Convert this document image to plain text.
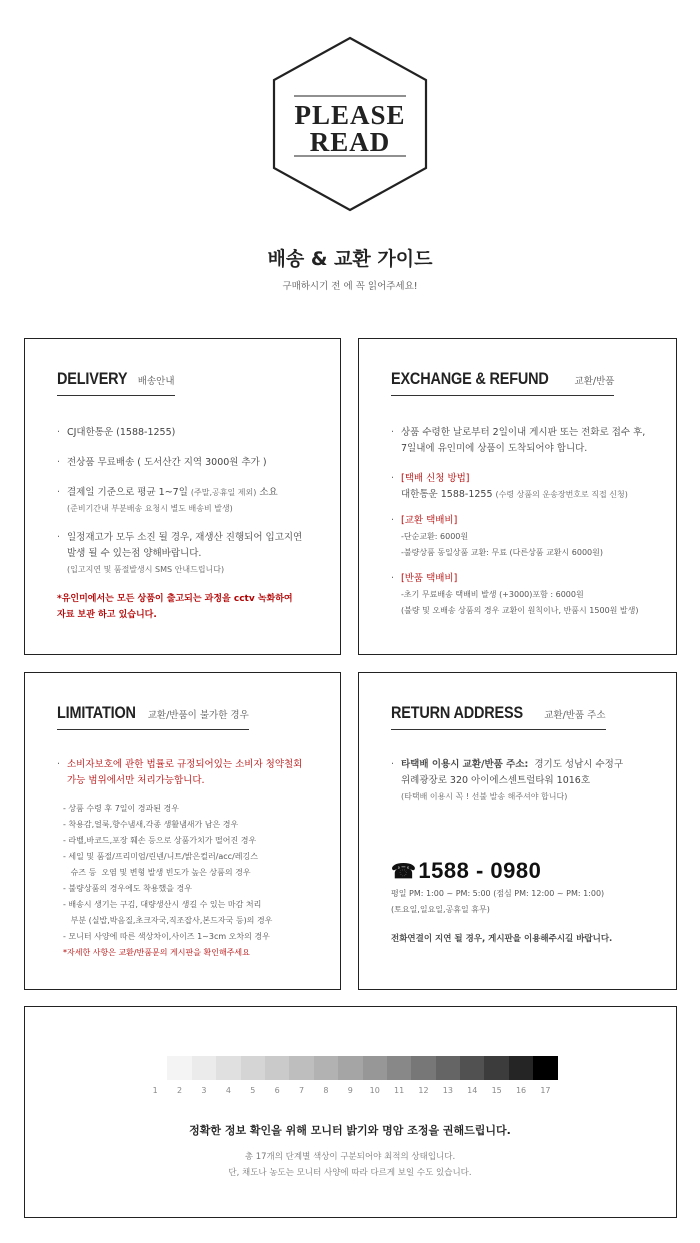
PLEASE
READ
배송 & 교환 가이드
구매하시기 전 에 꼭 읽어주세요!
DELIVERY 배송안내
· CJ대한통운 (1588-1255)
· 전상품 무료배송 ( 도서산간 지역 3000원 추가 )
· 결제일 기준으로 평균 1~7일 (주말,공휴일 제외) 소요
(준비기간내 부분배송 요청시 별도 배송비 발생)
· 일정재고가 모두 소진 될 경우, 재생산 진행되어 입고지연
발생 될 수 있는점 양해바랍니다.
(입고지연 및 품절발생시 SMS 안내드립니다)
*유인미에서는 모든 상품이 출고되는 과정을 cctv 녹화하여
자료 보관 하고 있습니다.
EXCHANGE & REFUND	교환/반품
· 상품 수령한 날로부터 2일이내 게시판 또는 전화로 접수 후,
7일내에 유인미에 상품이 도착되어야 합니다.
· [택배 신청 방법]
대한통운 1588-1255 (수령 상품의 운송장번호로 직접 신청)
· [교환 택배비]
-단순교환: 6000원
-불량상품 동일상품 교환: 무료 (다른상품 교환시 6000원)
· [반품 택배비]
-초기 무료배송 택배비 발생 (+3000)포함 : 6000원
(불량 및 오배송 상품의 경우 교환이 원칙이나, 반품시 1500원 발생)
LIMITATION 교환/반품이 불가한 경우
· 소비자보호에 관한 법률로 규정되어있는 소비자 청약철회
가능 범위에서만 처리가능합니다.
- 상품 수령 후 7일이 경과된 경우
- 착용감,얼룩,향수냄새,각종 생활냄새가 남은 경우
- 라벨,바코드,포장 훼손 등으로 상품가치가 떨어진 경우
- 세일 및 품절/프리미엄/린넨/니트/밝은컬러/acc/레깅스
슈즈 등  오염 및 변형 발생 빈도가 높은 상품의 경우
- 불량상품의 경우에도 착용했을 경우
- 배송시 생기는 구김, 대량생산시 생길 수 있는 마감 처리
부분 (실밥,박음질,초크자국,직조잡사,본드자국 등)의 경우
- 모니터 사양에 따른 색상차이,사이즈 1~3cm 오차의 경우
*자세한 사항은 교환/반품문의 게시판을 확인해주세요
RETURN ADDRESS 교환/반품 주소
· 타택배 이용시 교환/반품 주소:  경기도 성남시 수정구
위례광장로 320 아이에스센트럴타워 1016호
(타택배 이용시 꼭 ! 선불 발송 해주셔야 합니다)
☎1588 - 0980
평일 PM: 1:00 ~ PM: 5:00 (점심 PM: 12:00 ~ PM: 1:00)
(토요일,일요일,공휴일 휴무)
전화연결이 지연 될 경우, 게시판을 이용해주시길 바랍니다.
1	2	3	4	5	6	7	8	9	10	11	12	13	14	15	16	17
정확한 정보 확인을 위해 모니터 밝기와 명암 조정을 권해드립니다.
총 17개의 단계별 색상이 구분되어야 최적의 상태입니다.
단, 채도나 농도는 모니터 사양에 따라 다르게 보일 수도 있습니다.
